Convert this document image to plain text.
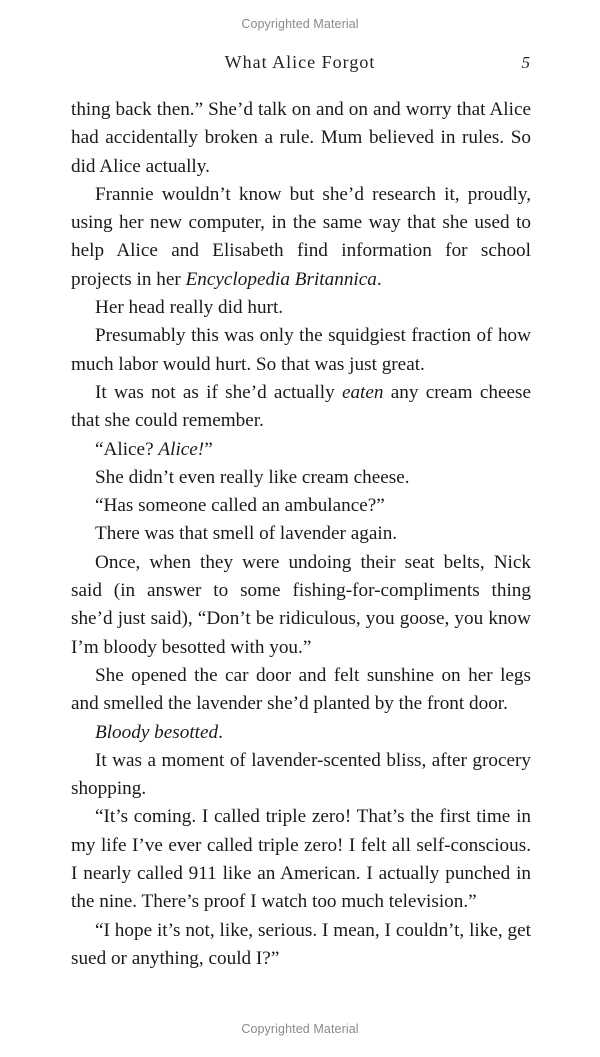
Copyrighted Material
What Alice Forgot	5

thing back then.” She’d talk on and on and worry that Alice had accidentally broken a rule. Mum believed in rules. So did Alice actually.

Frannie wouldn’t know but she’d research it, proudly, using her new computer, in the same way that she used to help Alice and Elisabeth find information for school projects in her Encyclopedia Britannica.

Her head really did hurt.

Presumably this was only the squidgiest fraction of how much labor would hurt. So that was just great.

It was not as if she’d actually eaten any cream cheese that she could remember.

“Alice? Alice!”

She didn’t even really like cream cheese.

“Has someone called an ambulance?”

There was that smell of lavender again.

Once, when they were undoing their seat belts, Nick said (in answer to some fishing-for-compliments thing she’d just said), “Don’t be ridiculous, you goose, you know I’m bloody besotted with you.”

She opened the car door and felt sunshine on her legs and smelled the lavender she’d planted by the front door.

Bloody besotted.

It was a moment of lavender-scented bliss, after grocery shopping.

“It’s coming. I called triple zero! That’s the first time in my life I’ve ever called triple zero! I felt all self-conscious. I nearly called 911 like an American. I actually punched in the nine. There’s proof I watch too much television.”

“I hope it’s not, like, serious. I mean, I couldn’t, like, get sued or anything, could I?”

Copyrighted Material
